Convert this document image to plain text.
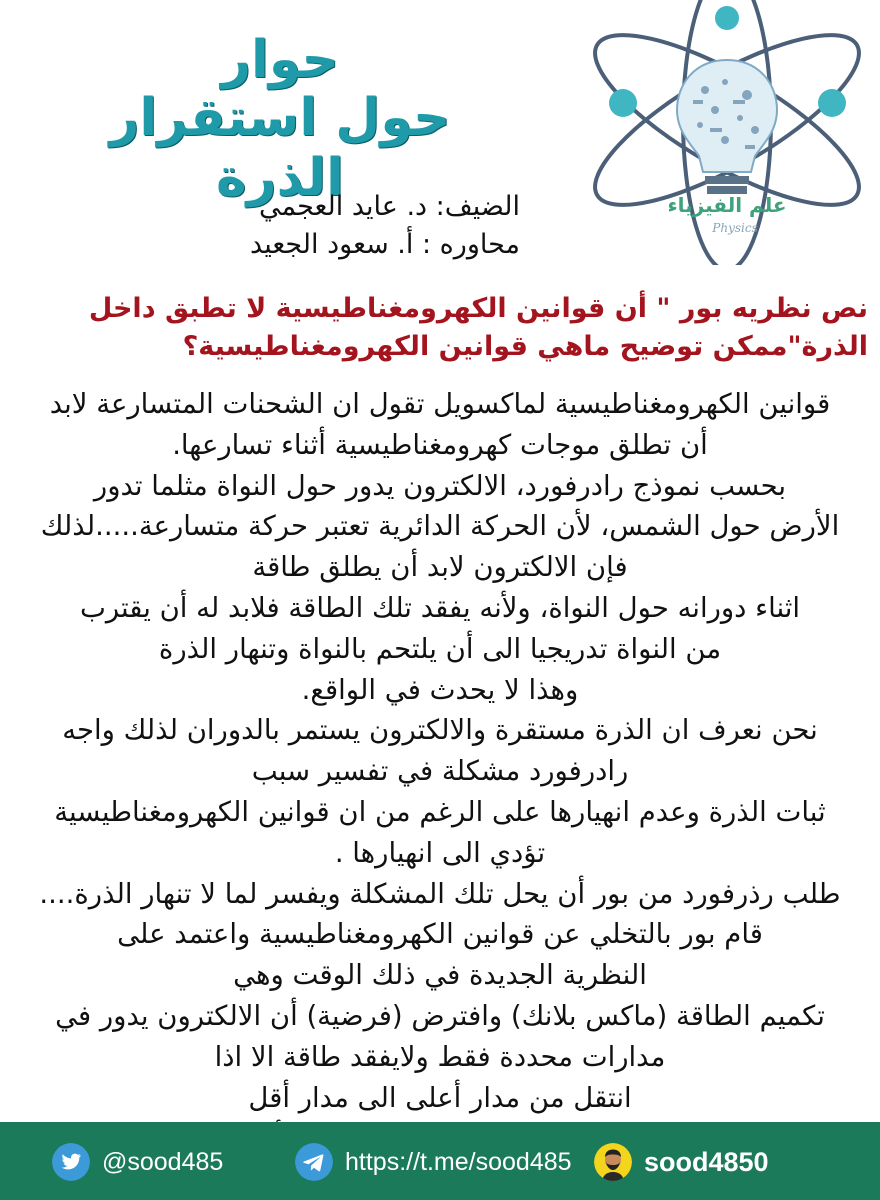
علم الفيزياء
Physics
حوار
حول استقرار الذرة
الضيف: د. عايد العجمي
محاوره : أ. سعود الجعيد
نص نظريه بور " أن قوانين الكهرومغناطيسية لا تطبق داخل
الذرة"ممكن توضيح ماهي قوانين الكهرومغناطيسية؟
قوانين الكهرومغناطيسية لماكسويل تقول ان الشحنات المتسارعة لابد
أن تطلق موجات كهرومغناطيسية أثناء تسارعها.
بحسب نموذج رادرفورد، الالكترون يدور حول النواة مثلما تدور
الأرض حول الشمس، لأن الحركة الدائرية تعتبر حركة متسارعة.....لذلك
فإن الالكترون لابد أن يطلق طاقة
اثناء دورانه حول النواة، ولأنه يفقد تلك الطاقة فلابد له أن يقترب
من النواة تدريجيا الى أن يلتحم بالنواة وتنهار الذرة
وهذا لا يحدث في الواقع.
نحن نعرف ان الذرة مستقرة والالكترون يستمر بالدوران لذلك واجه
رادرفورد مشكلة في تفسير سبب
ثبات الذرة وعدم انهيارها على الرغم من ان قوانين الكهرومغناطيسية
تؤدي الى انهيارها .
طلب رذرفورد من بور أن يحل تلك المشكلة ويفسر لما لا تنهار الذرة....
قام بور بالتخلي عن قوانين الكهرومغناطيسية واعتمد على
النظرية الجديدة في ذلك الوقت وهي
تكميم الطاقة (ماكس بلانك) وافترض (فرضية) أن الالكترون يدور في
مدارات محددة فقط ولايفقد طاقة الا اذا
انتقل من مدار أعلى الى مدار أقل
@sood485	https://t.me/sood485	sood4850
